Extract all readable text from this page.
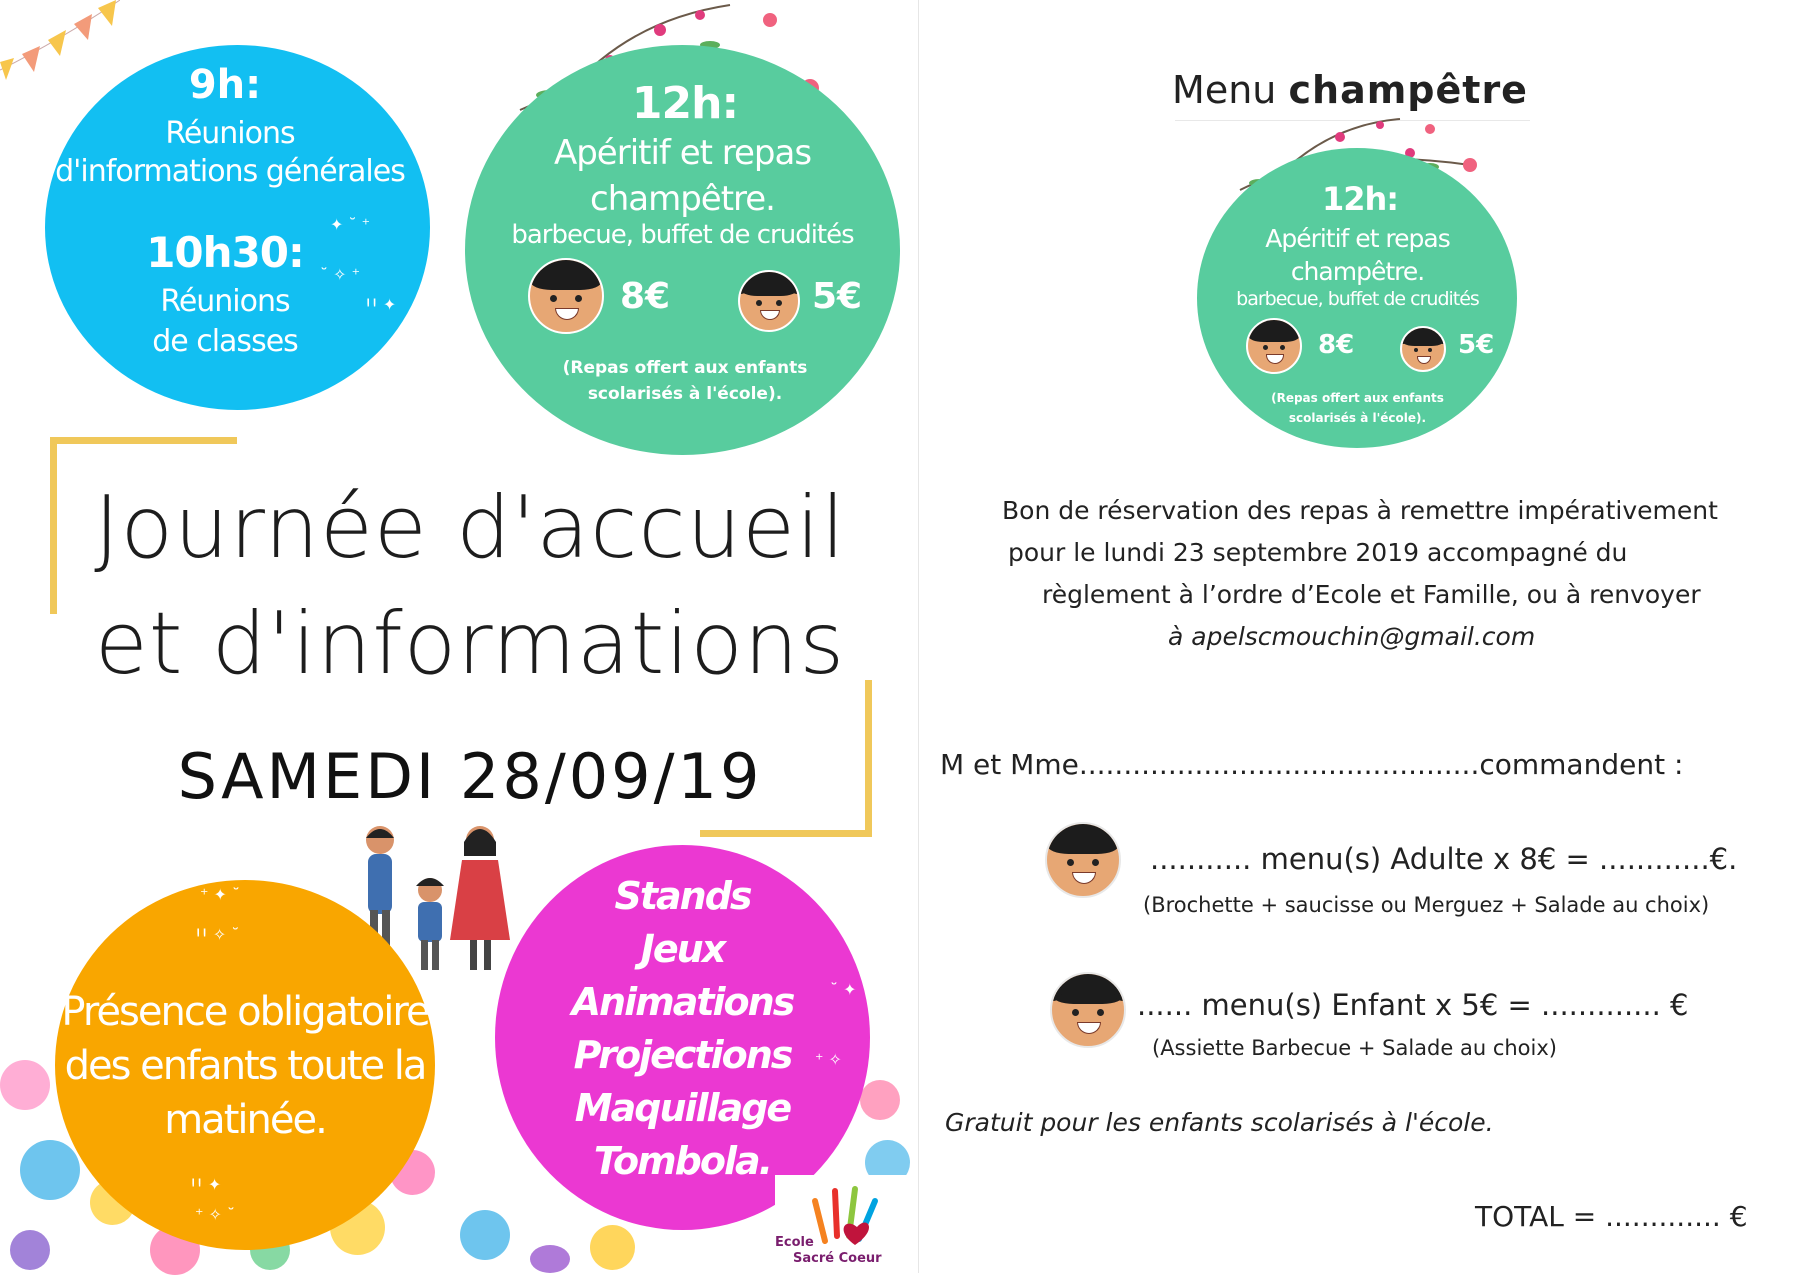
9h:
Réunions
d'informations générales
10h30:
Réunions
de classes
✦ ˘ ⁺
˘ ✧ ⁺
ꞋꞋ ✦
12h:
Apéritif et repas
champêtre.
barbecue, buffet de crudités
8€	5€
(Repas offert aux enfants
scolarisés à l'école).
Journée d'accueil
et d'informations
SAMEDI 28/09/19
Présence obligatoire
des enfants toute la
matinée.
⁺ ✦ ˘
ꞋꞋ ✧ ˘
ꞋꞋ ✦
⁺ ✧ ˘
Stands
Jeux
Animations
Projections
Maquillage
Tombola.
˘ ✦
⁺ ✧
Ecole
Sacré Coeur
Menu champêtre
12h:
Apéritif et repas
champêtre.
barbecue, buffet de crudités
8€	5€
(Repas offert aux enfants
scolarisés à l'école).
Bon de réservation des repas à remettre impérativement
pour le lundi 23 septembre 2019 accompagné du
règlement à l’ordre d’Ecole et Famille, ou à renvoyer
à apelscmouchin@gmail.com
M et Mme.............................................commandent :
........... menu(s) Adulte x 8€ = ............€.
(Brochette + saucisse ou Merguez + Salade au choix)
...... menu(s) Enfant x 5€ = ............. €
(Assiette Barbecue + Salade au choix)
Gratuit pour les enfants scolarisés à l'école.
TOTAL = ............. €
